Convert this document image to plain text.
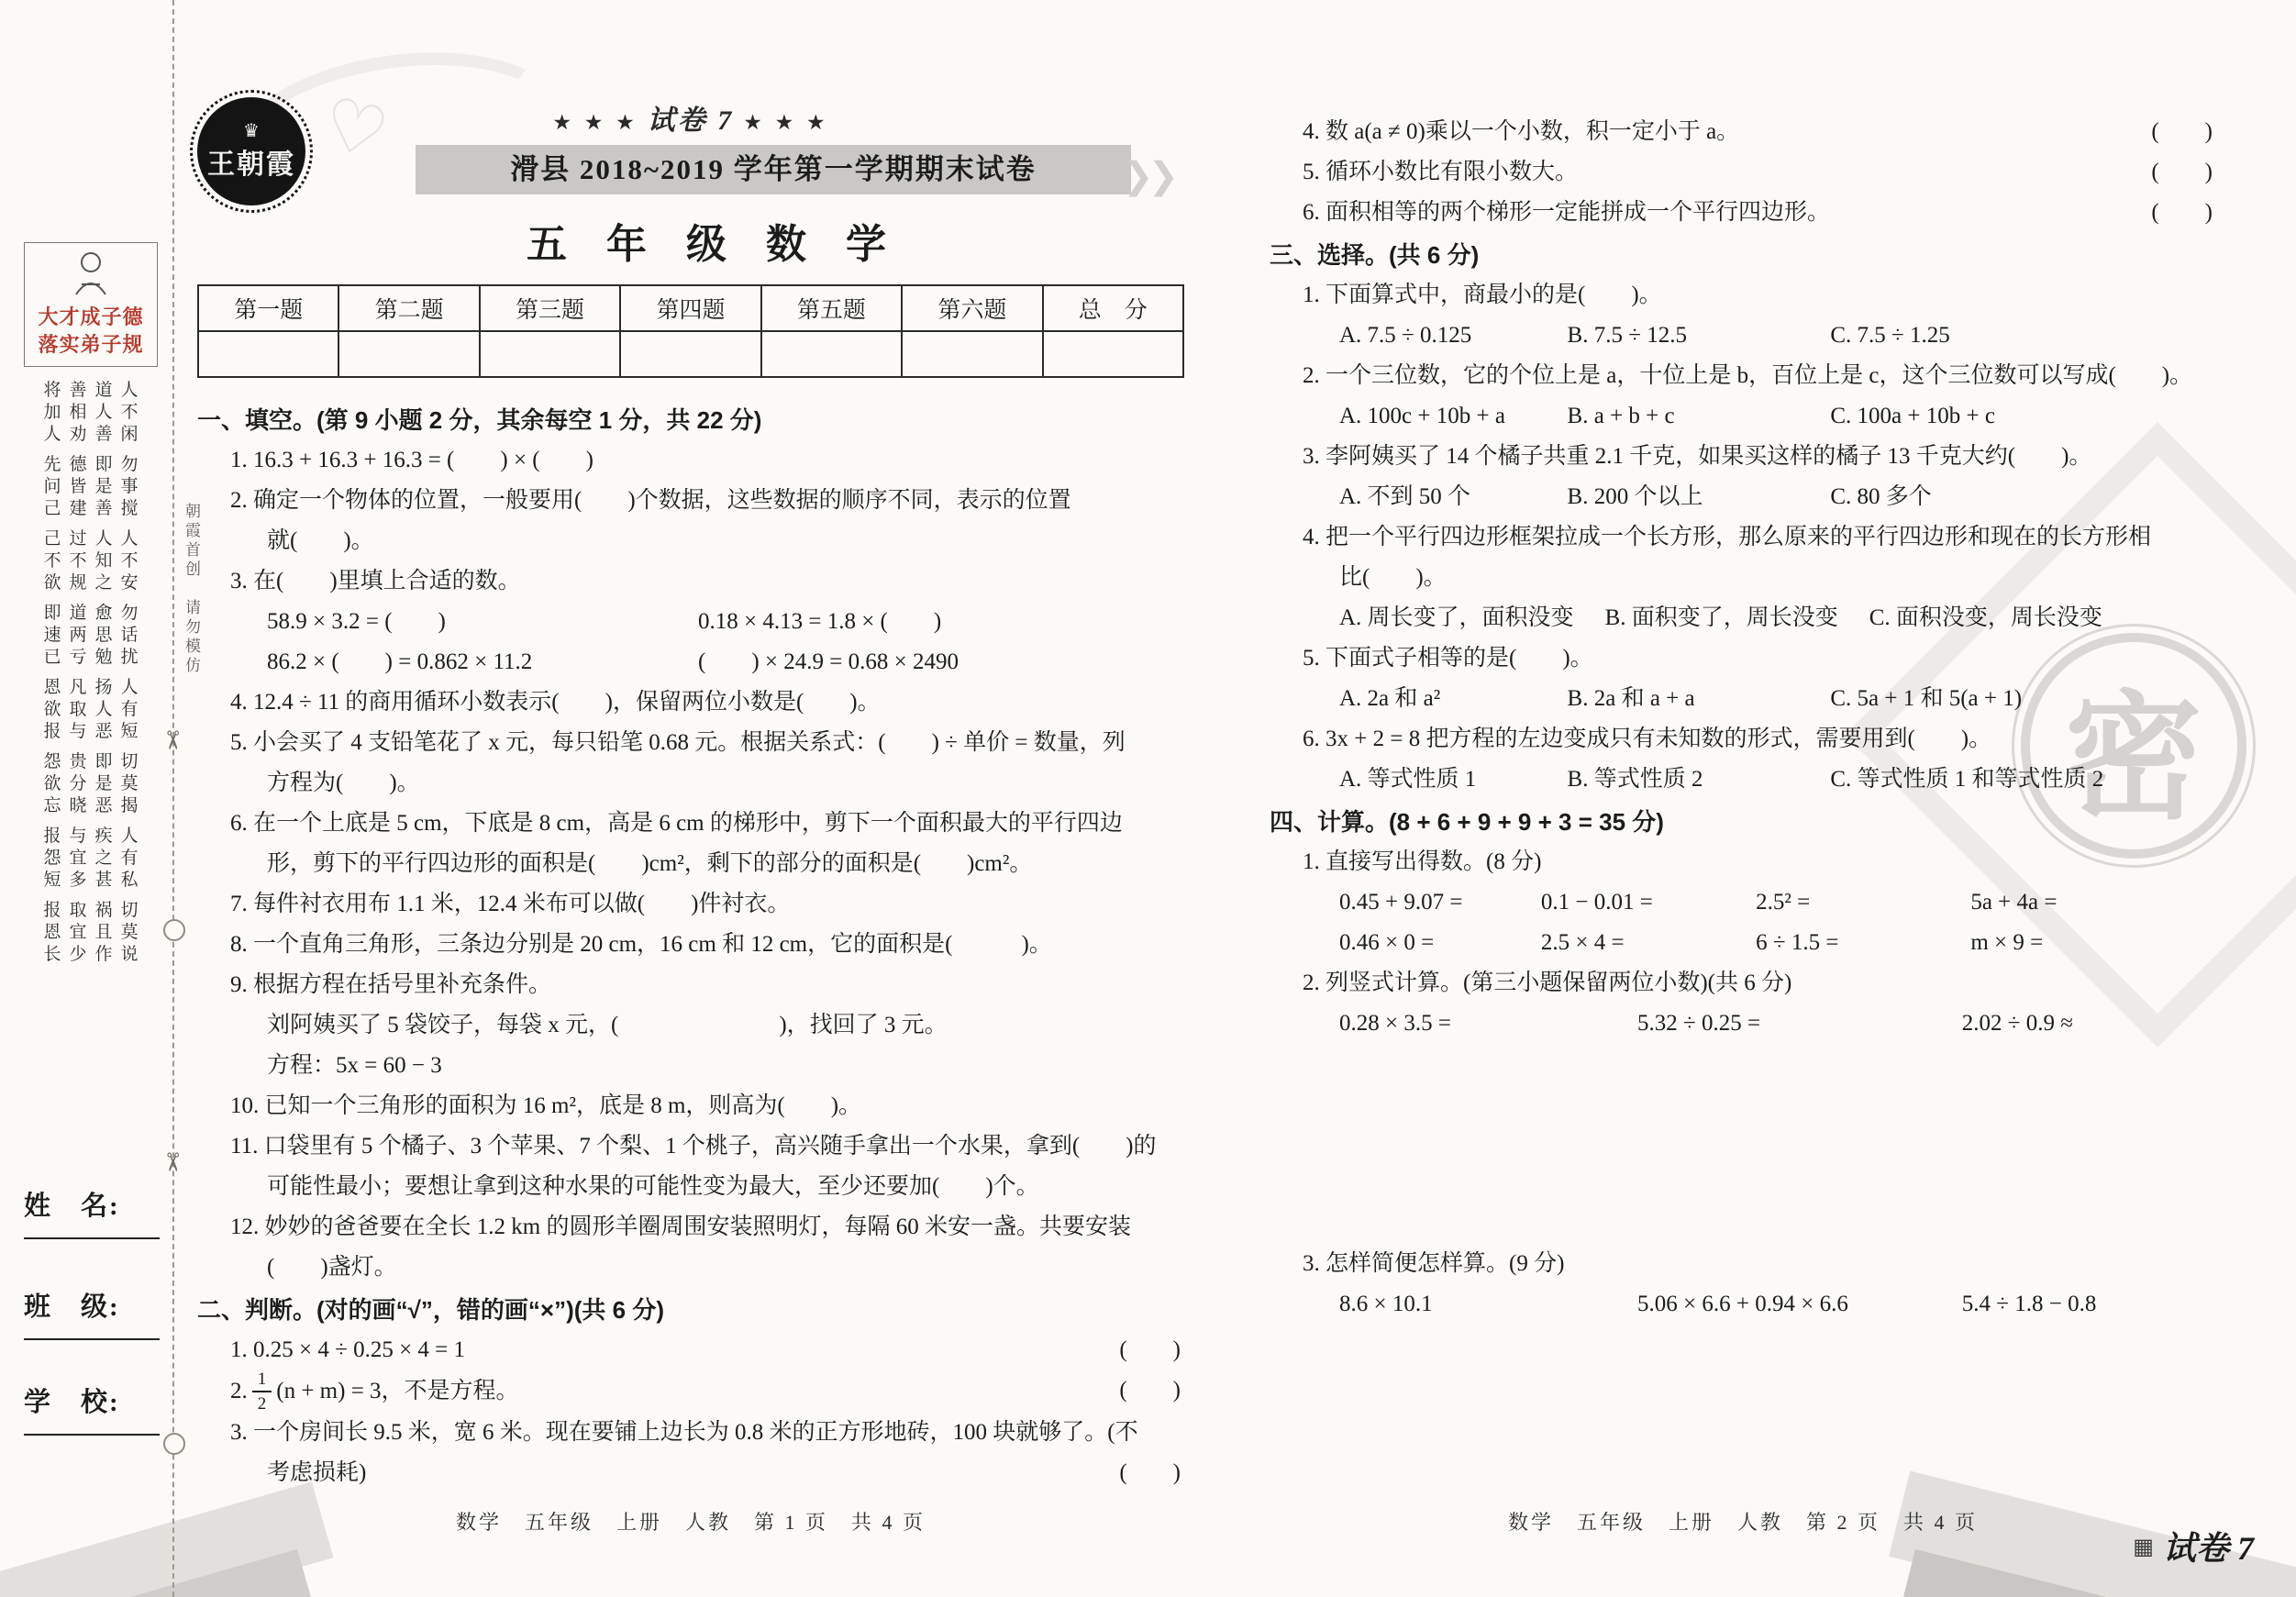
♡
密
✂
✂
朝霞首创　请勿模仿
大才成子德
落实弟子规
将
加
人
先
问
己
己
不
欲
即
速
已
恩
欲
报
怨
欲
忘
报
怨
短
报
恩
长
善
相
劝
德
皆
建
过
不
规
道
两
亏
凡
取
与
贵
分
晓
与
宜
多
取
宜
少
道
人
善
即
是
善
人
知
之
愈
思
勉
扬
人
恶
即
是
恶
疾
之
甚
祸
且
作
人
不
闲
勿
事
搅
人
不
安
勿
话
扰
人
有
短
切
莫
揭
人
有
私
切
莫
说
姓　名:
班　级:
学　校:
♛
王朝霞
★ ★ ★ 试卷 7 ★ ★ ★
滑县 2018~2019 学年第一学期期末试卷
五 年 级 数 学
第一题	第二题	第三题	第四题	第五题	第六题	总　分

一、填空。(第 9 小题 2 分，其余每空 1 分，共 22 分)
1. 16.3 + 16.3 + 16.3 = (　　) × (　　)
2. 确定一个物体的位置，一般要用(　　)个数据，这些数据的顺序不同，表示的位置
就(　　)。
3. 在(　　)里填上合适的数。
58.9 × 3.2 = (　　)	0.18 × 4.13 = 1.8 × (　　)
86.2 × (　　) = 0.862 × 11.2	(　　) × 24.9 = 0.68 × 2490
4. 12.4 ÷ 11 的商用循环小数表示(　　)，保留两位小数是(　　)。
5. 小会买了 4 支铅笔花了 x 元，每只铅笔 0.68 元。根据关系式：(　　) ÷ 单价 = 数量，列
方程为(　　)。
6. 在一个上底是 5 cm，下底是 8 cm，高是 6 cm 的梯形中，剪下一个面积最大的平行四边
形，剪下的平行四边形的面积是(　　)cm²，剩下的部分的面积是(　　)cm²。
7. 每件衬衣用布 1.1 米，12.4 米布可以做(　　)件衬衣。
8. 一个直角三角形，三条边分别是 20 cm，16 cm 和 12 cm，它的面积是(　　　)。
9. 根据方程在括号里补充条件。
刘阿姨买了 5 袋饺子，每袋 x 元，(　　　　　　　)，找回了 3 元。
方程：5x = 60 − 3
10. 已知一个三角形的面积为 16 m²，底是 8 m，则高为(　　)。
11. 口袋里有 5 个橘子、3 个苹果、7 个梨、1 个桃子，高兴随手拿出一个水果，拿到(　　)的
可能性最小；要想让拿到这种水果的可能性变为最大，至少还要加(　　)个。
12. 妙妙的爸爸要在全长 1.2 km 的圆形羊圈周围安装照明灯，每隔 60 米安一盏。共要安装
(　　)盏灯。
二、判断。(对的画“√”，错的画“×”)(共 6 分)
1. 0.25 × 4 ÷ 0.25 × 4 = 1	(　　)
2. $\frac{1}{2} (n + m) = 3$，不是方程。	(　　)
3. 一个房间长 9.5 米，宽 6 米。现在要铺上边长为 0.8 米的正方形地砖，100 块就够了。(不
考虑损耗)	(　　)
数学　五年级　上册　人教　第 1 页　共 4 页
❯❯
4. 数 a(a ≠ 0)乘以一个小数，积一定小于 a。	(　　)
5. 循环小数比有限小数大。	(　　)
6. 面积相等的两个梯形一定能拼成一个平行四边形。	(　　)
三、选择。(共 6 分)
1. 下面算式中，商最小的是(　　)。
A. 7.5 ÷ 0.125	B. 7.5 ÷ 12.5	C. 7.5 ÷ 1.25
2. 一个三位数，它的个位上是 a，十位上是 b，百位上是 c，这个三位数可以写成(　　)。
A. 100c + 10b + a	B. a + b + c	C. 100a + 10b + c
3. 李阿姨买了 14 个橘子共重 2.1 千克，如果买这样的橘子 13 千克大约(　　)。
A. 不到 50 个	B. 200 个以上	C. 80 多个
4. 把一个平行四边形框架拉成一个长方形，那么原来的平行四边形和现在的长方形相
比(　　)。
A. 周长变了，面积没变 B. 面积变了，周长没变 C. 面积没变，周长没变
5. 下面式子相等的是(　　)。
A. 2a 和 a²	B. 2a 和 a + a	C. 5a + 1 和 5(a + 1)
6. 3x + 2 = 8 把方程的左边变成只有未知数的形式，需要用到(　　)。
A. 等式性质 1	B. 等式性质 2	C. 等式性质 1 和等式性质 2
四、计算。(8 + 6 + 9 + 9 + 3 = 35 分)
1. 直接写出得数。(8 分)
0.45 + 9.07 =	0.1 − 0.01 =	2.5² =	5a + 4a =
0.46 × 0 =	2.5 × 4 =	6 ÷ 1.5 =	m × 9 =
2. 列竖式计算。(第三小题保留两位小数)(共 6 分)
0.28 × 3.5 =	5.32 ÷ 0.25 =	2.02 ÷ 0.9 ≈
3. 怎样简便怎样算。(9 分)
8.6 × 10.1	5.06 × 6.6 + 0.94 × 6.6	5.4 ÷ 1.8 − 0.8
数学　五年级　上册　人教　第 2 页　共 4 页
▦ 试卷 7
